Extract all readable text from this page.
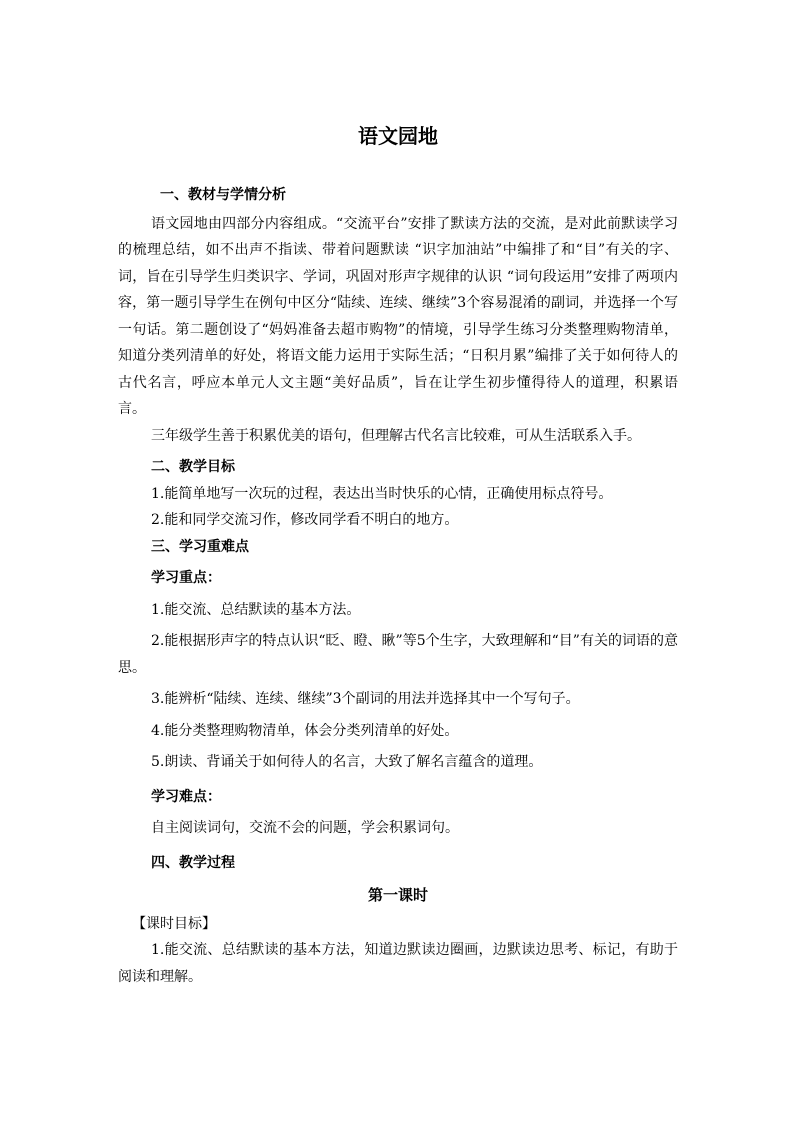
语文园地

一、教材与学情分析

语文园地由四部分内容组成。“交流平台”安排了默读方法的交流，是对此前默读学习的梳理总结，如不出声不指读、带着问题默读 “识字加油站”中编排了和“目”有关的字、词，旨在引导学生归类识字、学词，巩固对形声字规律的认识 “词句段运用”安排了两项内容，第一题引导学生在例句中区分“陆续、连续、继续”3个容易混淆的副词，并选择一个写一句话。第二题创设了“妈妈准备去超市购物”的情境，引导学生练习分类整理购物清单，知道分类列清单的好处，将语文能力运用于实际生活；“日积月累”编排了关于如何待人的古代名言，呼应本单元人文主题“美好品质”，旨在让学生初步懂得待人的道理，积累语言。

三年级学生善于积累优美的语句，但理解古代名言比较难，可从生活联系入手。

二、教学目标

1.能简单地写一次玩的过程，表达出当时快乐的心情，正确使用标点符号。

2.能和同学交流习作，修改同学看不明白的地方。

三、学习重难点

学习重点：

1.能交流、总结默读的基本方法。

2.能根据形声字的特点认识“眨、瞪、瞅”等5个生字，大致理解和“目”有关的词语的意思。

3.能辨析“陆续、连续、继续”3个副词的用法并选择其中一个写句子。

4.能分类整理购物清单，体会分类列清单的好处。

5.朗读、背诵关于如何待人的名言，大致了解名言蕴含的道理。

学习难点：

自主阅读词句，交流不会的问题，学会积累词句。

四、教学过程

第一课时

【课时目标】

1.能交流、总结默读的基本方法，知道边默读边圈画，边默读边思考、标记，有助于阅读和理解。
